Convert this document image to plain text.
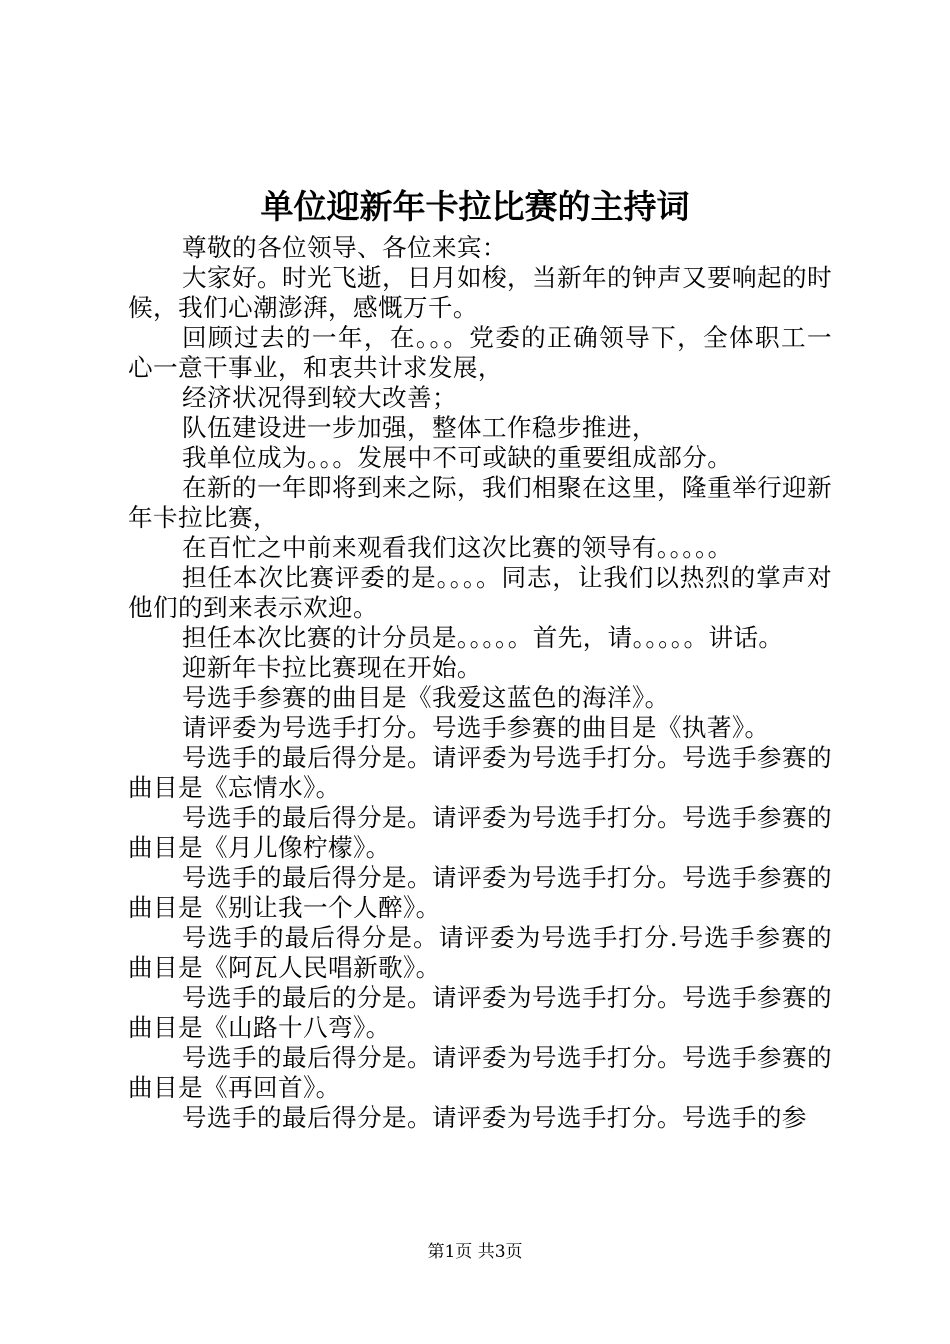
单位迎新年卡拉比赛的主持词

尊敬的各位领导、各位来宾：

大家好。时光飞逝，日月如梭，当新年的钟声又要响起的时候，我们心潮澎湃，感慨万千。

回顾过去的一年，在。。。党委的正确领导下，全体职工一心一意干事业，和衷共计求发展，

经济状况得到较大改善；

队伍建设进一步加强，整体工作稳步推进，

我单位成为。。。发展中不可或缺的重要组成部分。

在新的一年即将到来之际，我们相聚在这里，隆重举行迎新年卡拉比赛，

在百忙之中前来观看我们这次比赛的领导有。。。。。

担任本次比赛评委的是。。。。同志，让我们以热烈的掌声对他们的到来表示欢迎。

担任本次比赛的计分员是。。。。。首先，请。。。。。讲话。

迎新年卡拉比赛现在开始。

号选手参赛的曲目是《我爱这蓝色的海洋》。

请评委为号选手打分。号选手参赛的曲目是《执著》。

号选手的最后得分是。请评委为号选手打分。号选手参赛的曲目是《忘情水》。

号选手的最后得分是。请评委为号选手打分。号选手参赛的曲目是《月儿像柠檬》。

号选手的最后得分是。请评委为号选手打分。号选手参赛的曲目是《别让我一个人醉》。

号选手的最后得分是。请评委为号选手打分.号选手参赛的曲目是《阿瓦人民唱新歌》。

号选手的最后的分是。请评委为号选手打分。号选手参赛的曲目是《山路十八弯》。

号选手的最后得分是。请评委为号选手打分。号选手参赛的曲目是《再回首》。

号选手的最后得分是。请评委为号选手打分。号选手的参

第1页 共3页
